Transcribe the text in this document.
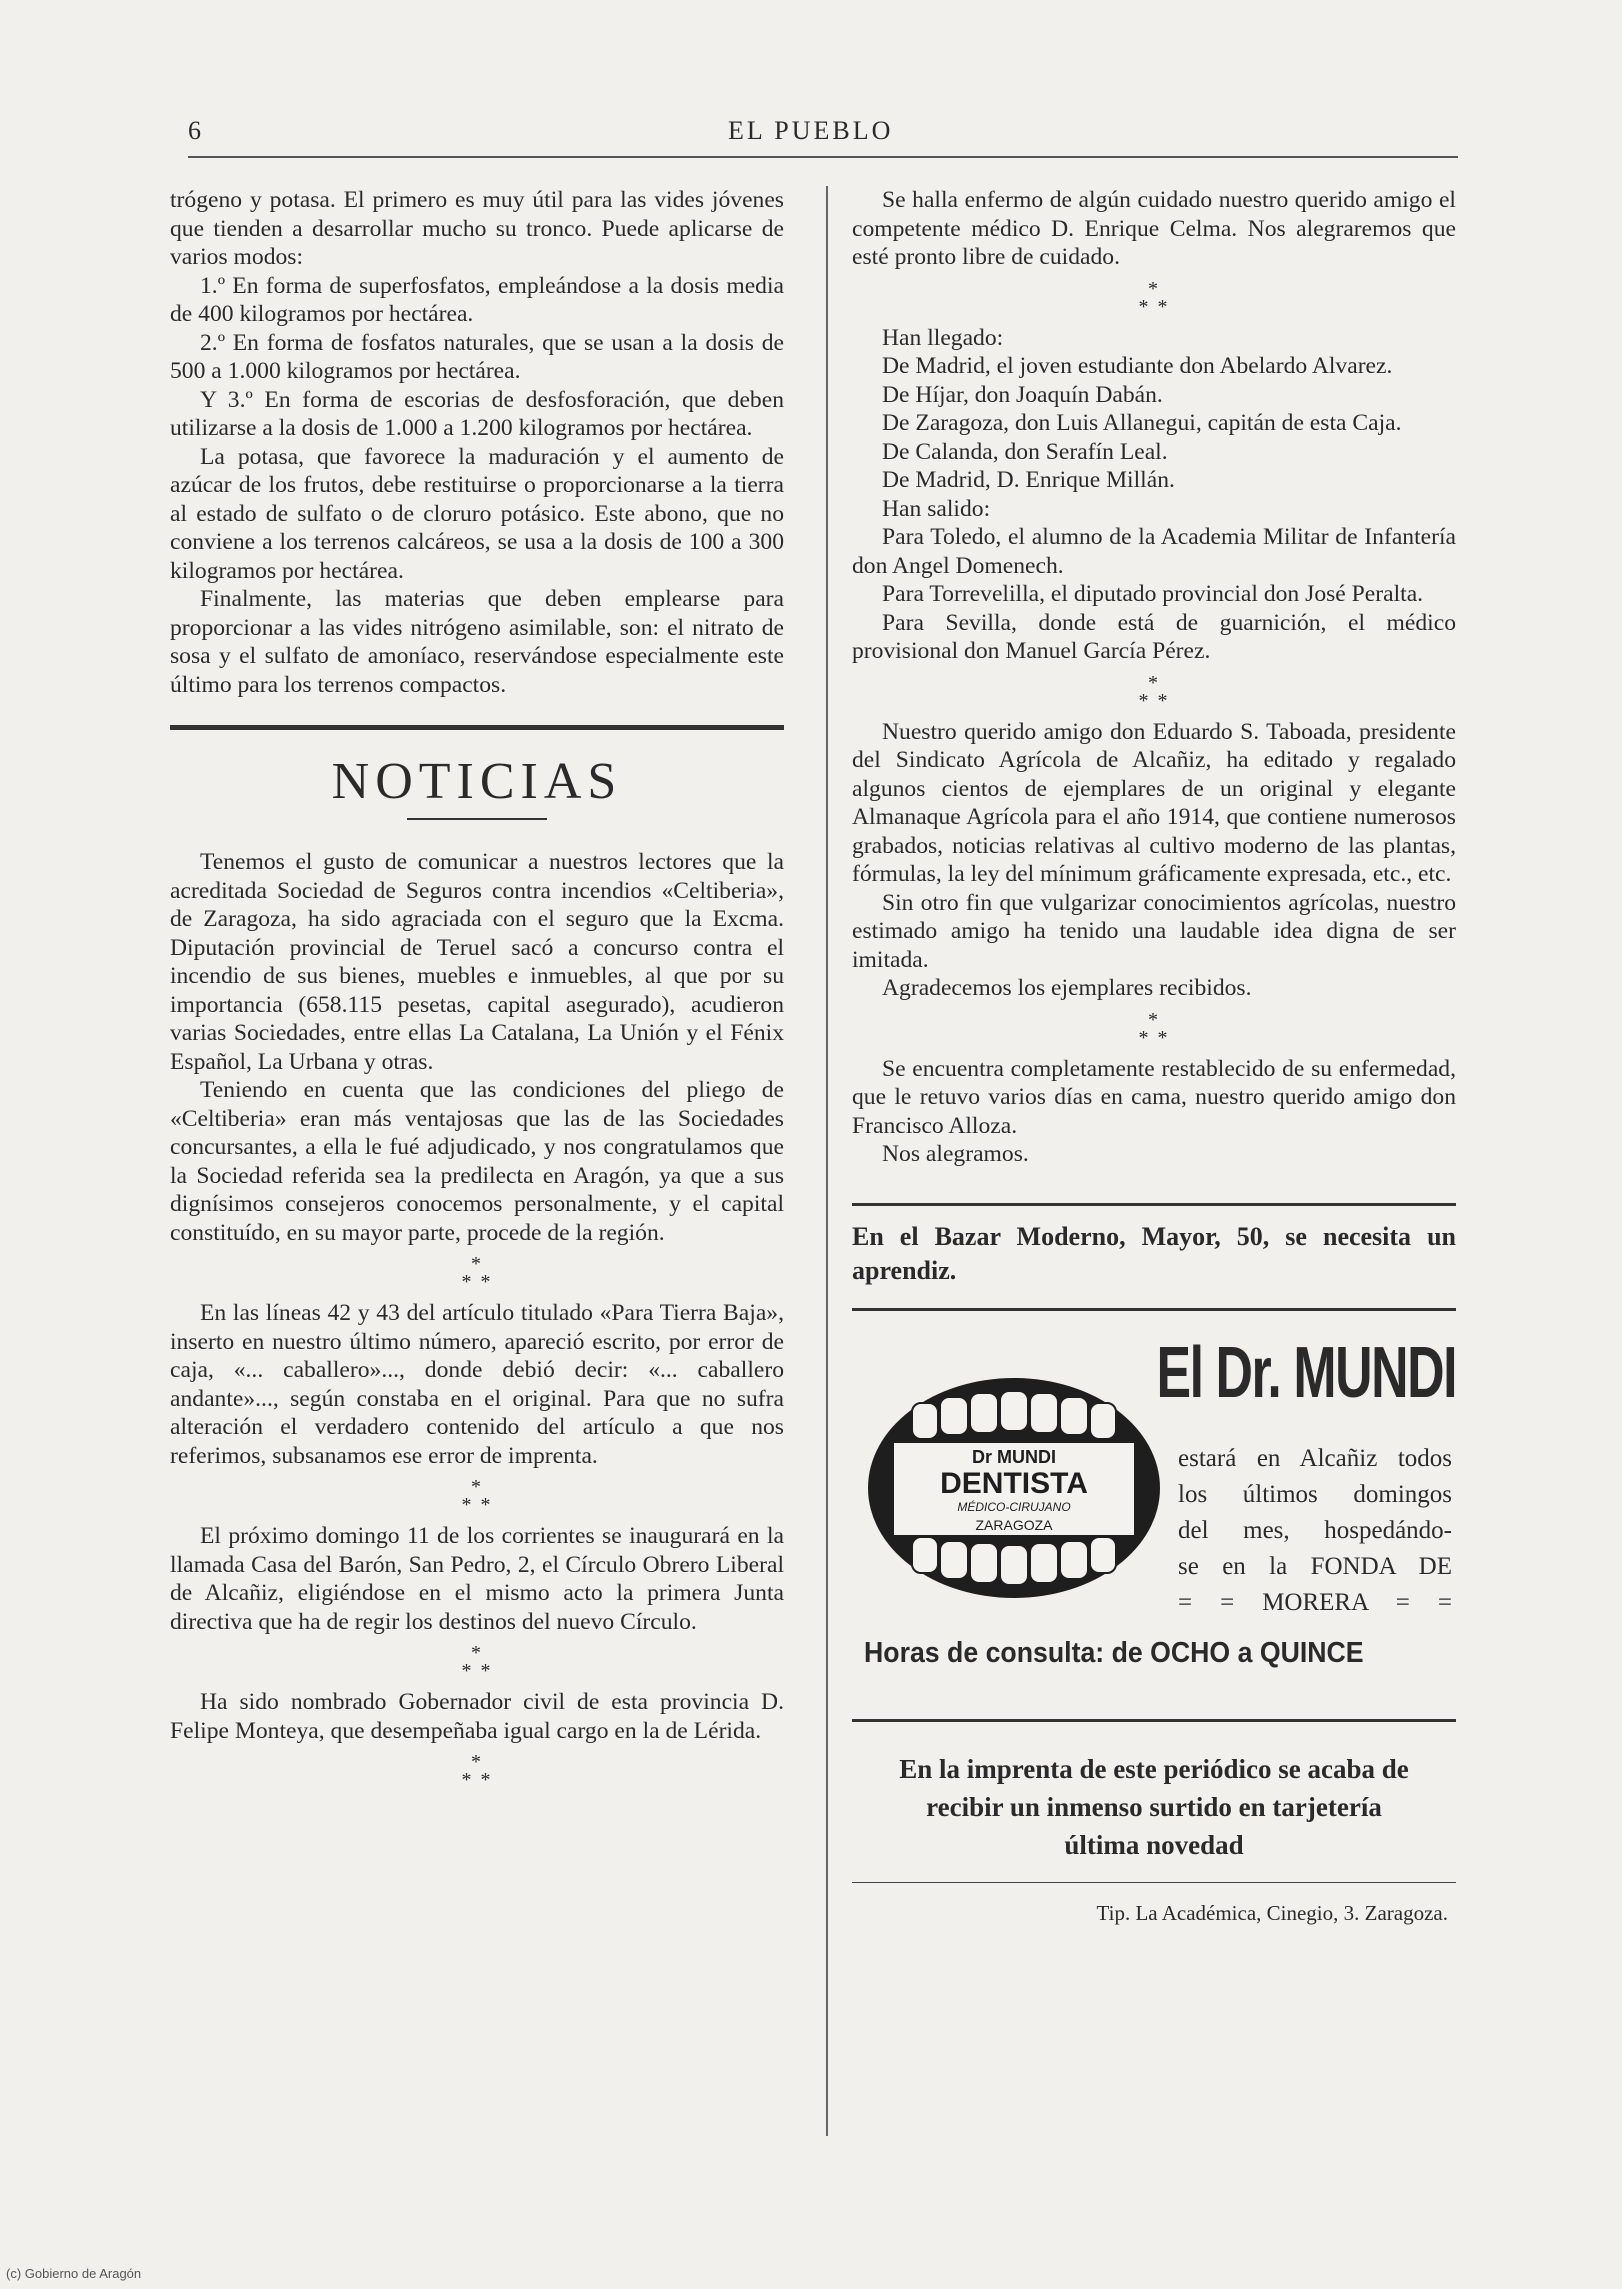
6	EL PUEBLO

trógeno y potasa. El primero es muy útil para las vides jóvenes que tienden a desarrollar mucho su tronco. Puede aplicarse de varios modos:

1.º En forma de superfosfatos, empleándose a la dosis media de 400 kilogramos por hectárea.

2.º En forma de fosfatos naturales, que se usan a la dosis de 500 a 1.000 kilogramos por hectárea.

Y 3.º En forma de escorias de desfosforación, que deben utilizarse a la dosis de 1.000 a 1.200 kilogramos por hectárea.

La potasa, que favorece la maduración y el aumento de azúcar de los frutos, debe restituirse o proporcionarse a la tierra al estado de sulfato o de cloruro potásico. Este abono, que no conviene a los terrenos calcáreos, se usa a la dosis de 100 a 300 kilogramos por hectárea.

Finalmente, las materias que deben emplearse para proporcionar a las vides nitrógeno asimilable, son: el nitrato de sosa y el sulfato de amoníaco, reservándose especialmente este último para los terrenos compactos.

NOTICIAS

Tenemos el gusto de comunicar a nuestros lectores que la acreditada Sociedad de Seguros contra incendios «Celtiberia», de Zaragoza, ha sido agraciada con el seguro que la Excma. Diputación provincial de Teruel sacó a concurso contra el incendio de sus bienes, muebles e inmuebles, al que por su importancia (658.115 pesetas, capital asegurado), acudieron varias Sociedades, entre ellas La Catalana, La Unión y el Fénix Español, La Urbana y otras.

Teniendo en cuenta que las condiciones del pliego de «Celtiberia» eran más ventajosas que las de las Sociedades concursantes, a ella le fué adjudicado, y nos congratulamos que la Sociedad referida sea la predilecta en Aragón, ya que a sus dignísimos consejeros conocemos personalmente, y el capital constituído, en su mayor parte, procede de la región.

*
* *

En las líneas 42 y 43 del artículo titulado «Para Tierra Baja», inserto en nuestro último número, apareció escrito, por error de caja, «... caballero»..., donde debió decir: «... caballero andante»..., según constaba en el original. Para que no sufra alteración el verdadero contenido del artículo a que nos referimos, subsanamos ese error de imprenta.

*
* *

El próximo domingo 11 de los corrientes se inaugurará en la llamada Casa del Barón, San Pedro, 2, el Círculo Obrero Liberal de Alcañiz, eligiéndose en el mismo acto la primera Junta directiva que ha de regir los destinos del nuevo Círculo.

*
* *

Ha sido nombrado Gobernador civil de esta provincia D. Felipe Monteya, que desempeñaba igual cargo en la de Lérida.

*
* *

Se halla enfermo de algún cuidado nuestro querido amigo el competente médico D. Enrique Celma. Nos alegraremos que esté pronto libre de cuidado.

*
* *

Han llegado:

De Madrid, el joven estudiante don Abelardo Alvarez.

De Híjar, don Joaquín Dabán.

De Zaragoza, don Luis Allanegui, capitán de esta Caja.

De Calanda, don Serafín Leal.

De Madrid, D. Enrique Millán.

Han salido:

Para Toledo, el alumno de la Academia Militar de Infantería don Angel Domenech.

Para Torrevelilla, el diputado provincial don José Peralta.

Para Sevilla, donde está de guarnición, el médico provisional don Manuel García Pérez.

*
* *

Nuestro querido amigo don Eduardo S. Taboada, presidente del Sindicato Agrícola de Alcañiz, ha editado y regalado algunos cientos de ejemplares de un original y elegante Almanaque Agrícola para el año 1914, que contiene numerosos grabados, noticias relativas al cultivo moderno de las plantas, fórmulas, la ley del mínimum gráficamente expresada, etc., etc.

Sin otro fin que vulgarizar conocimientos agrícolas, nuestro estimado amigo ha tenido una laudable idea digna de ser imitada.

Agradecemos los ejemplares recibidos.

*
* *

Se encuentra completamente restablecido de su enfermedad, que le retuvo varios días en cama, nuestro querido amigo don Francisco Alloza.

Nos alegramos.

En el Bazar Moderno, Mayor, 50, se necesita un aprendiz.
El Dr. MUNDI
Dr MUNDI
DENTISTA
MÉDICO-CIRUJANO
ZARAGOZA
estará en Alcañiz todos
los últimos domingos
del mes, hospedándo-
se en la FONDA DE
= = MORERA = =
Horas de consulta: de OCHO a QUINCE
En la imprenta de este periódico se acaba de recibir un inmenso surtido en tarjetería última novedad
Tip. La Académica, Cinegio, 3. Zaragoza.
(c) Gobierno de Aragón
